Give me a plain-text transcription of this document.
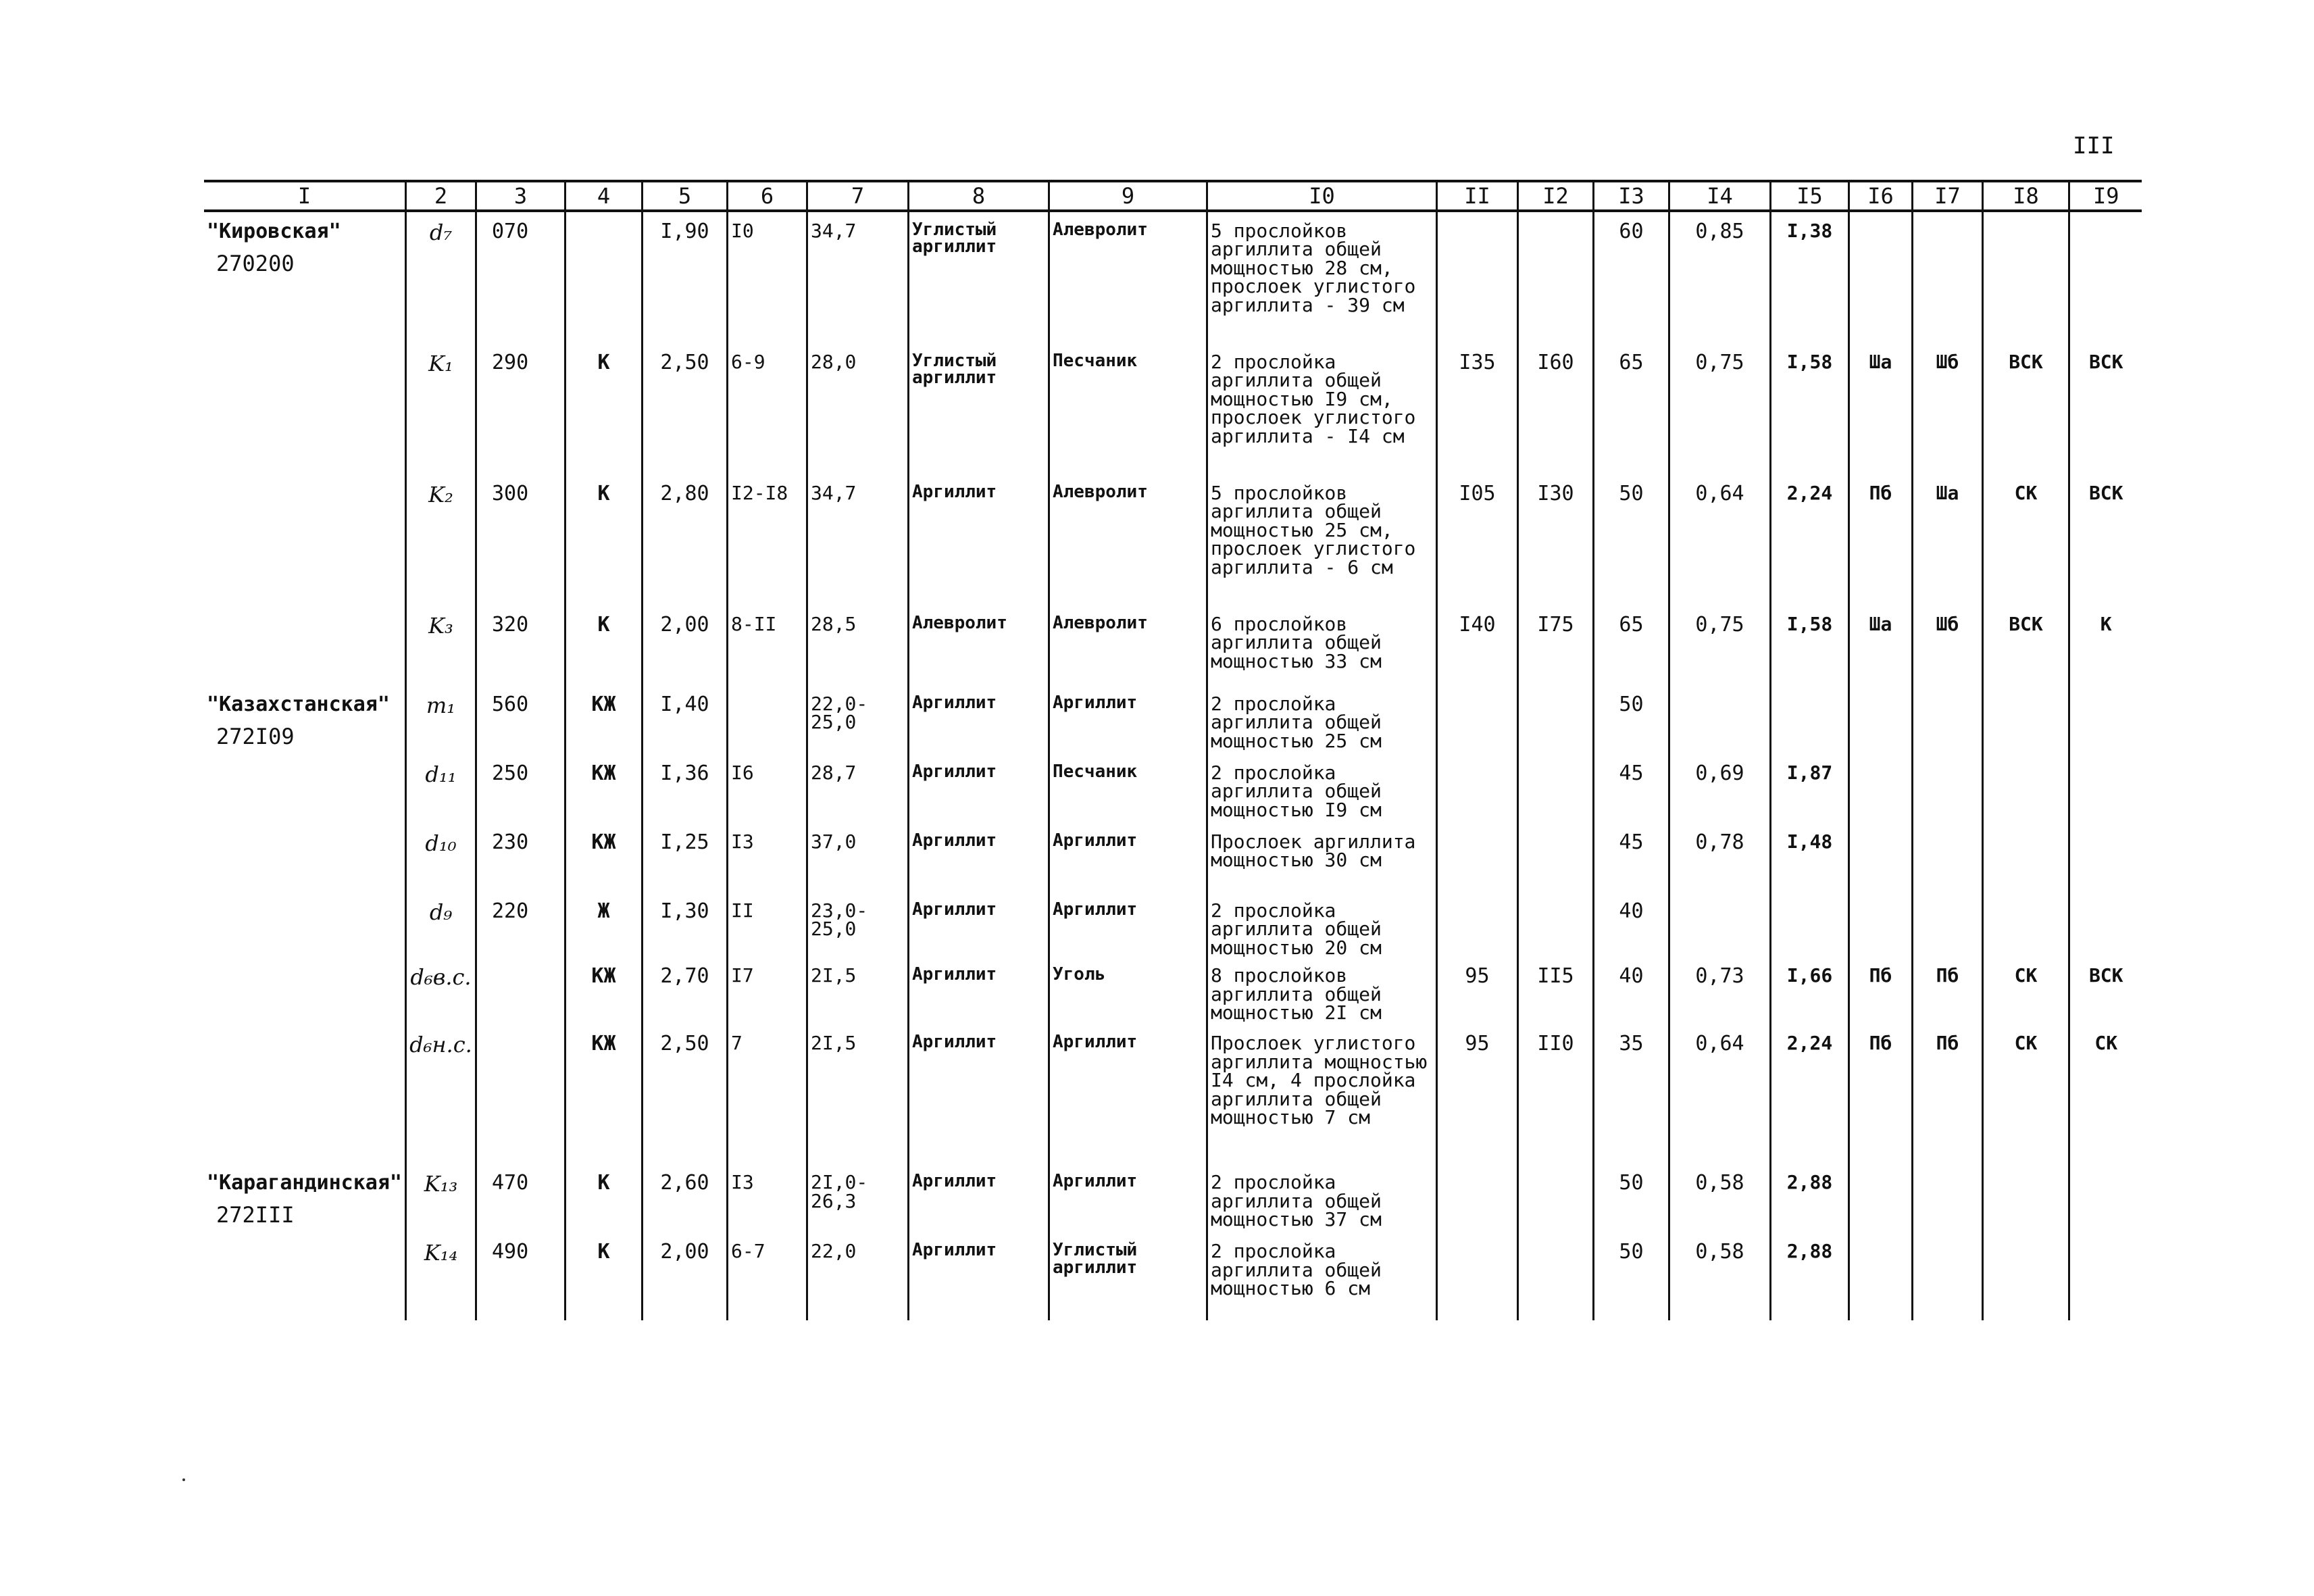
III
I	2	3	4	5	6	7	8	9	I0	II	I2	I3	I4	I5	I6	I7	I8	I9

"Кировская"
270200	d₇	070		I,90	I0	34,7	Углистый аргиллит	Алевролит	5 прослойков аргиллита общей мощностью 28 см, прослоек углистого аргиллита - 39 см			60	0,85	I,38				

	K₁	290	К	2,50	6-9	28,0	Углистый аргиллит	Песчаник	2 прослойка аргиллита общей мощностью I9 см, прослоек углистого аргиллита - I4 см	I35	I60	65	0,75	I,58	Ша	Шб	ВСК	ВСК

	K₂	300	К	2,80	I2-I8	34,7	Аргиллит	Алевролит	5 прослойков аргиллита общей мощностью 25 см, прослоек углистого аргиллита - 6 см	I05	I30	50	0,64	2,24	Пб	Ша	СК	ВСК

	K₃	320	К	2,00	8-II	28,5	Алевролит	Алевролит	6 прослойков аргиллита общей мощностью 33 см	I40	I75	65	0,75	I,58	Ша	Шб	ВСК	К

"Казахстанская"
272I09	m₁	560	КЖ	I,40		22,0-25,0	Аргиллит	Аргиллит	2 прослойка аргиллита общей мощностью 25 см			50						

	d₁₁	250	КЖ	I,36	I6	28,7	Аргиллит	Песчаник	2 прослойка аргиллита общей мощностью I9 см			45	0,69	I,87				

	d₁₀	230	КЖ	I,25	I3	37,0	Аргиллит	Аргиллит	Прослоек аргиллита мощностью 30 см			45	0,78	I,48				

	d₉	220	Ж	I,30	II	23,0-25,0	Аргиллит	Аргиллит	2 прослойка аргиллита общей мощностью 20 см			40						

	d₆в.с.		КЖ	2,70	I7	2I,5	Аргиллит	Уголь	8 прослойков аргиллита общей мощностью 2I см	95	II5	40	0,73	I,66	Пб	Пб	СК	ВСК

	d₆н.с.		КЖ	2,50	7	2I,5	Аргиллит	Аргиллит	Прослоек углистого аргиллита мощностью I4 см, 4 прослойка аргиллита общей мощностью 7 см	95	II0	35	0,64	2,24	Пб	Пб	СК	СК

"Карагандинская"
272III	K₁₃	470	К	2,60	I3	2I,0-26,3	Аргиллит	Аргиллит	2 прослойка аргиллита общей мощностью 37 см			50	0,58	2,88				

	K₁₄	490	К	2,00	6-7	22,0	Аргиллит	Углистый аргиллит	2 прослойка аргиллита общей мощностью 6 см			50	0,58	2,88				
